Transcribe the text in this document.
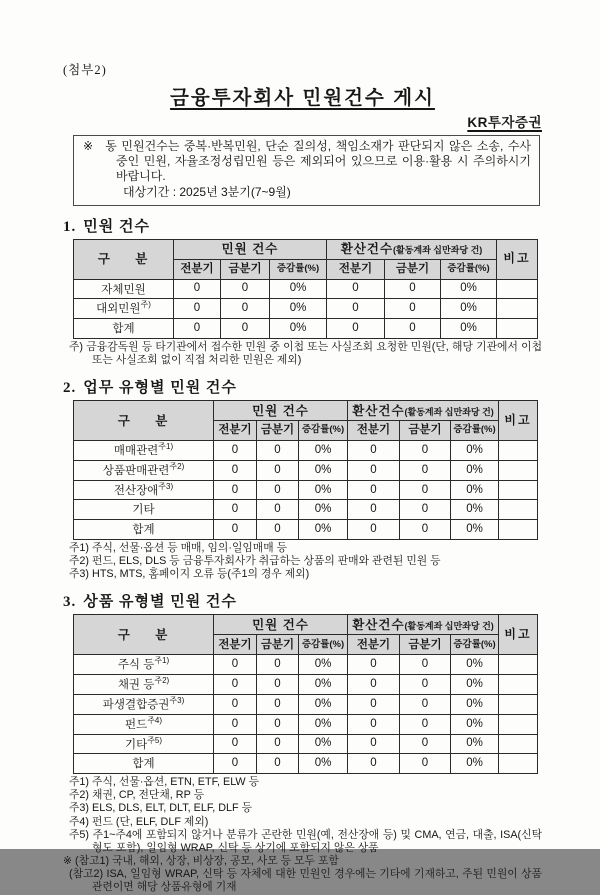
(첨부2)
금융투자회사 민원건수 게시
KR투자증권

※ 동 민원건수는 중복·반복민원, 단순 질의성, 책임소재가 판단되지 않은 소송, 수사 중인 민원, 자율조정성립민원 등은 제외되어 있으므로 이용·활용 시 주의하시기 바랍니다.

대상기간 : 2025년 3분기(7~9월)

1. 민원 건수
구 분	민원 건수			환산건수(활동계좌 십만좌당 건)			비고
	전분기	금분기	증감률(%)	전분기	금분기	증감률(%)	
자체민원	0	0	0%	0	0	0%	
대외민원$^{주)}$	0	0	0%	0	0	0%	
합계	0	0	0%	0	0	0%	
주) 금융감독원 등 타기관에서 접수한 민원 중 이첩 또는 사실조회 요청한 민원(단, 해당 기관에서 이첩 또는 사실조회 없이 직접 처리한 민원은 제외)
2. 업무 유형별 민원 건수
구 분	민원 건수			환산건수(활동계좌 십만좌당 건)			비고
	전분기	금분기	증감률(%)	전분기	금분기	증감률(%)	
매매관련$^{주1)}$	0	0	0%	0	0	0%	
상품판매관련$^{주2)}$	0	0	0%	0	0	0%	
전산장애$^{주3)}$	0	0	0%	0	0	0%	
기타	0	0	0%	0	0	0%	
합계	0	0	0%	0	0	0%	
주1) 주식, 선물·옵션 등 매매, 임의·일임매매 등
주2) 펀드, ELS, DLS 등 금융투자회사가 취급하는 상품의 판매와 관련된 민원 등
주3) HTS, MTS, 홈페이지 오류 등(주1의 경우 제외)
3. 상품 유형별 민원 건수
구 분	민원 건수			환산건수(활동계좌 십만좌당 건)			비고
	전분기	금분기	증감률(%)	전분기	금분기	증감률(%)	
주식 등$^{주1)}$	0	0	0%	0	0	0%	
채권 등$^{주2)}$	0	0	0%	0	0	0%	
파생결합증권$^{주3)}$	0	0	0%	0	0	0%	
펀드$^{주4)}$	0	0	0%	0	0	0%	
기타$^{주5)}$	0	0	0%	0	0	0%	
합계	0	0	0%	0	0	0%	
주1) 주식, 선물·옵션, ETN, ETF, ELW 등
주2) 채권, CP, 전단채, RP 등
주3) ELS, DLS, ELT, DLT, ELF, DLF 등
주4) 펀드 (단, ELF, DLF 제외)
주5) 주1~주4에 포함되지 않거나 분류가 곤란한 민원(예, 전산장애 등) 및 CMA, 연금, 대출, ISA(신탁형도 포함), 일임형 WRAP, 신탁 등 상기에 포함되지 않은 상품
※ (참고1) 국내, 해외, 상장, 비상장, 공모, 사모 등 모두 포함
(참고2) ISA, 일임형 WRAP, 신탁 등 자체에 대한 민원인 경우에는 기타에 기재하고, 주된 민원이 상품 관련이면 해당 상품유형에 기재
